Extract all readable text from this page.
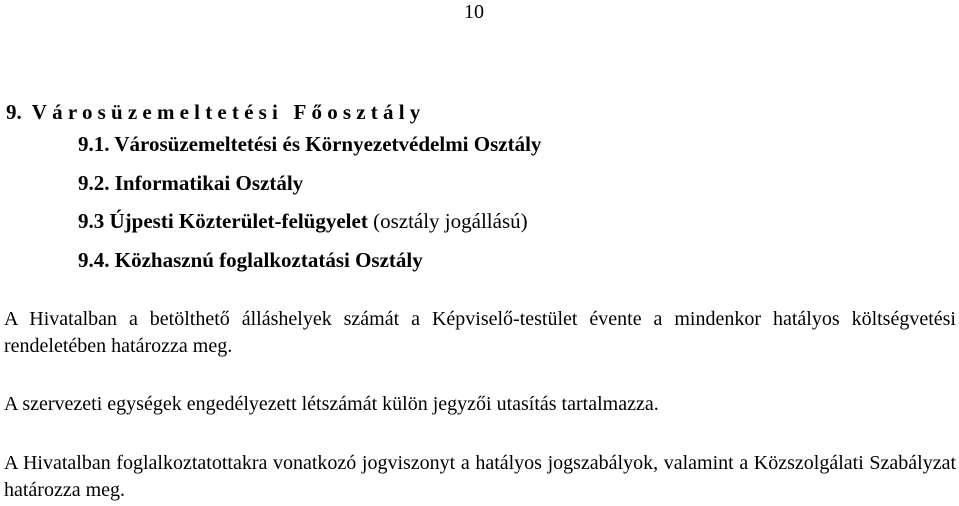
10
9. Városüzemeltetési Főosztály
9.1. Városüzemeltetési és Környezetvédelmi Osztály
9.2. Informatikai Osztály
9.3 Újpesti Közterület-felügyelet (osztály jogállású)
9.4. Közhasznú foglalkoztatási Osztály

A Hivatalban a betölthető álláshelyek számát a Képviselő-testület évente a mindenkor hatályos költségvetési rendeletében határozza meg.

A szervezeti egységek engedélyezett létszámát külön jegyzői utasítás tartalmazza.

A Hivatalban foglalkoztatottakra vonatkozó jogviszonyt a hatályos jogszabályok, valamint a Közszolgálati Szabályzat határozza meg.
